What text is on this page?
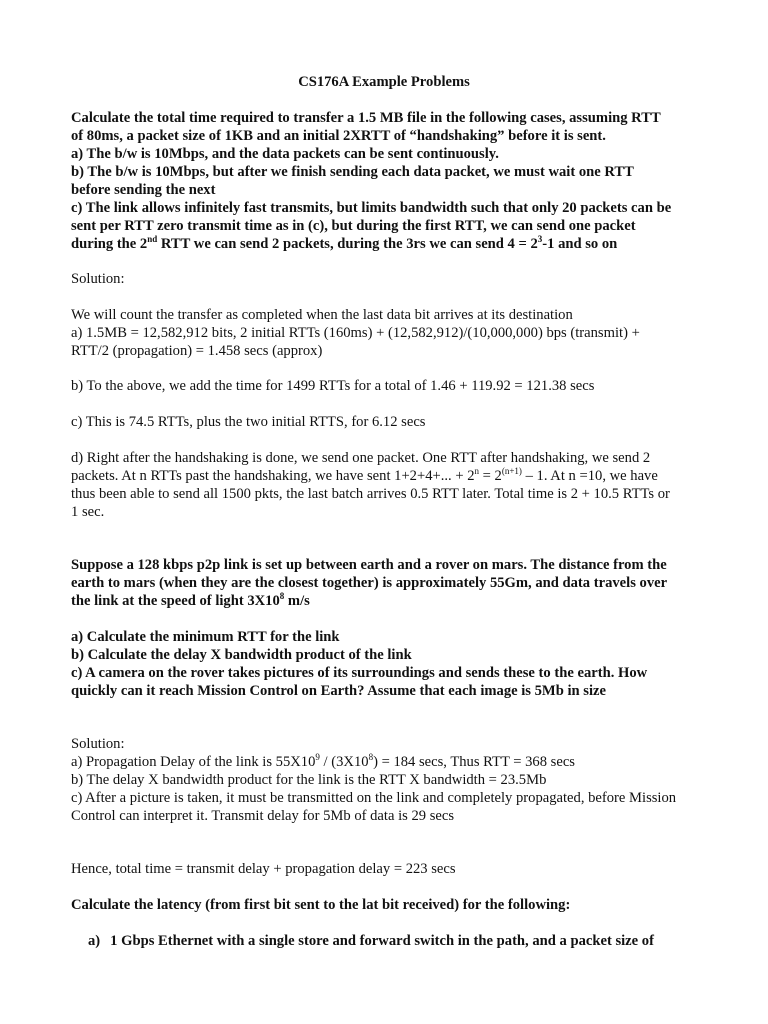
CS176A Example Problems
Calculate the total time required to transfer a 1.5 MB file in the following cases, assuming RTT
of 80ms, a packet size of 1KB and an initial 2XRTT of “handshaking” before it is sent.
a) The b/w is 10Mbps, and the data packets can be sent continuously.
b) The b/w is 10Mbps, but after we finish sending each data packet, we must wait one RTT
before sending the next
c) The link allows infinitely fast transmits, but limits bandwidth such that only 20 packets can be
sent per RTT zero transmit time as in (c), but during the first RTT, we can send one packet
during the 2nd RTT we can send 2 packets, during the 3rs we can send $4 = 2^3-1$ and so on
Solution:
We will count the transfer as completed when the last data bit arrives at its destination
a) 1.5MB = 12,582,912 bits, 2 initial RTTs (160ms) + (12,582,912)/(10,000,000) bps (transmit) +
RTT/2 (propagation) = 1.458 secs (approx)
b) To the above, we add the time for 1499 RTTs for a total of 1.46 + 119.92 = 121.38 secs
c) This is 74.5 RTTs, plus the two initial RTTS, for 6.12 secs
d) Right after the handshaking is done, we send one packet. One RTT after handshaking, we send 2
packets. At n RTTs past the handshaking, we have sent 1+2+4+... + $2^n = 2^{(n+1)} - 1$. At n =10, we have
thus been able to send all 1500 pkts, the last batch arrives 0.5 RTT later. Total time is 2 + 10.5 RTTs or
1 sec.
Suppose a 128 kbps p2p link is set up between earth and a rover on mars. The distance from the
earth to mars (when they are the closest together) is approximately 55Gm, and data travels over
the link at the speed of light $3X10^8$ m/s
a) Calculate the minimum RTT for the link
b) Calculate the delay X bandwidth product of the link
c) A camera on the rover takes pictures of its surroundings and sends these to the earth. How
quickly can it reach Mission Control on Earth? Assume that each image is 5Mb in size
Solution:
a) Propagation Delay of the link is $55X10^9 / (3X10^8) = 184$ secs, Thus RTT = 368 secs
b) The delay X bandwidth product for the link is the RTT X bandwidth = 23.5Mb
c) After a picture is taken, it must be transmitted on the link and completely propagated, before Mission
Control can interpret it. Transmit delay for 5Mb of data is 29 secs
Hence, total time = transmit delay + propagation delay = 223 secs
Calculate the latency (from first bit sent to the lat bit received) for the following:
a) 1 Gbps Ethernet with a single store and forward switch in the path, and a packet size of
